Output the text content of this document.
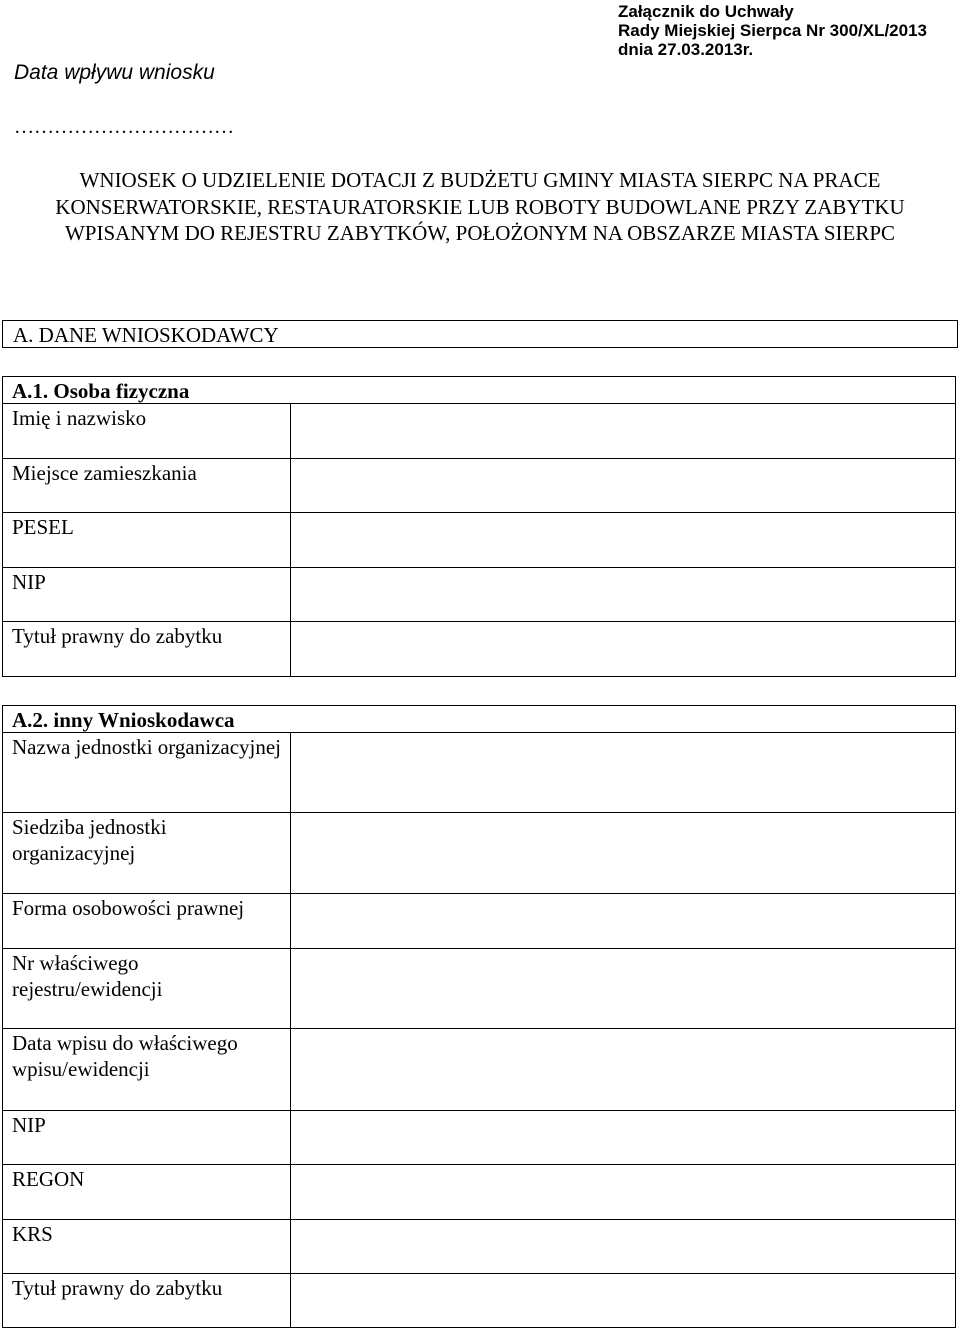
Załącznik do Uchwały
Rady Miejskiej Sierpca Nr 300/XL/2013
dnia 27.03.2013r.
Data wpływu wniosku
……………………………
WNIOSEK O UDZIELENIE DOTACJI Z BUDŻETU GMINY MIASTA SIERPC NA PRACE KONSERWATORSKIE, RESTAURATORSKIE LUB ROBOTY BUDOWLANE PRZY ZABYTKU WPISANYM DO REJESTRU ZABYTKÓW, POŁOŻONYM NA OBSZARZE MIASTA SIERPC
A. DANE WNIOSKODAWCY
A.1. Osoba fizyczna	
Imię i nazwisko	
Miejsce zamieszkania	
PESEL	
NIP	
Tytuł prawny do zabytku	
A.2. inny Wnioskodawca	
Nazwa jednostki organizacyjnej	
Siedziba jednostki organizacyjnej	
Forma osobowości prawnej	
Nr właściwego rejestru/ewidencji	
Data wpisu do właściwego wpisu/ewidencji	
NIP	
REGON	
KRS	
Tytuł prawny do zabytku	
